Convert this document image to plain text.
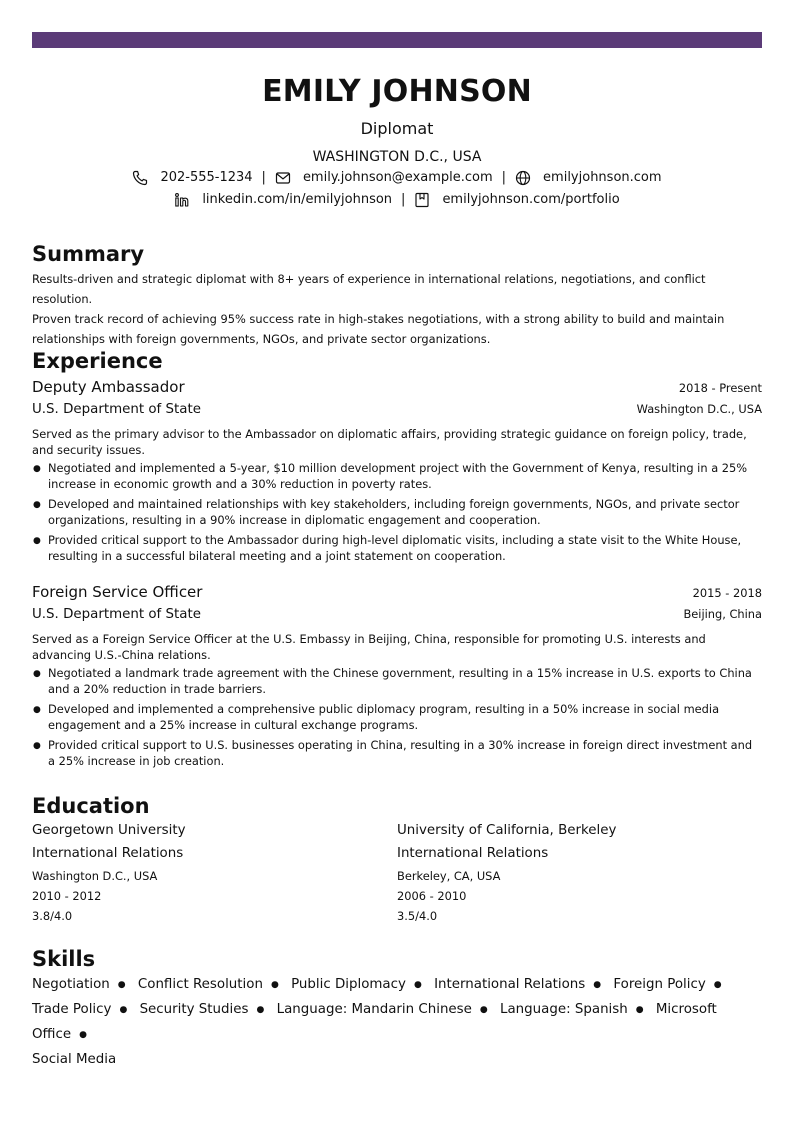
EMILY JOHNSON
Diplomat
WASHINGTON D.C., USA
202-555-1234 |	emily.johnson@example.com |	emilyjohnson.com
linkedin.com/in/emilyjohnson |	emilyjohnson.com/portfolio
Summary

Results-driven and strategic diplomat with 8+ years of experience in international relations, negotiations, and conflict resolution.

Proven track record of achieving 95% success rate in high-stakes negotiations, with a strong ability to build and maintain

relationships with foreign governments, NGOs, and private sector organizations.

Experience
Deputy Ambassador	2018 - Present
U.S. Department of State	Washington D.C., USA

Served as the primary advisor to the Ambassador on diplomatic affairs, providing strategic guidance on foreign policy, trade, and security issues.

● Negotiated and implemented a 5-year, $10 million development project with the Government of Kenya, resulting in a 25% increase in economic growth and a 30% reduction in poverty rates.
● Developed and maintained relationships with key stakeholders, including foreign governments, NGOs, and private sector organizations, resulting in a 90% increase in diplomatic engagement and cooperation.
● Provided critical support to the Ambassador during high-level diplomatic visits, including a state visit to the White House, resulting in a successful bilateral meeting and a joint statement on cooperation.
Foreign Service Officer	2015 - 2018
U.S. Department of State	Beijing, China

Served as a Foreign Service Officer at the U.S. Embassy in Beijing, China, responsible for promoting U.S. interests and advancing U.S.-China relations.

● Negotiated a landmark trade agreement with the Chinese government, resulting in a 15% increase in U.S. exports to China and a 20% reduction in trade barriers.
● Developed and implemented a comprehensive public diplomacy program, resulting in a 50% increase in social media engagement and a 25% increase in cultural exchange programs.
● Provided critical support to U.S. businesses operating in China, resulting in a 30% increase in foreign direct investment and a 25% increase in job creation.
Education
Georgetown University
International Relations
Washington D.C., USA
2010 - 2012
3.8/4.0
University of California, Berkeley
International Relations
Berkeley, CA, USA
2006 - 2010
3.5/4.0
Skills
Negotiation ● Conflict Resolution ● Public Diplomacy ● International Relations ● Foreign Policy ●
Trade Policy ● Security Studies ● Language: Mandarin Chinese ● Language: Spanish ● Microsoft Office ●
Social Media
